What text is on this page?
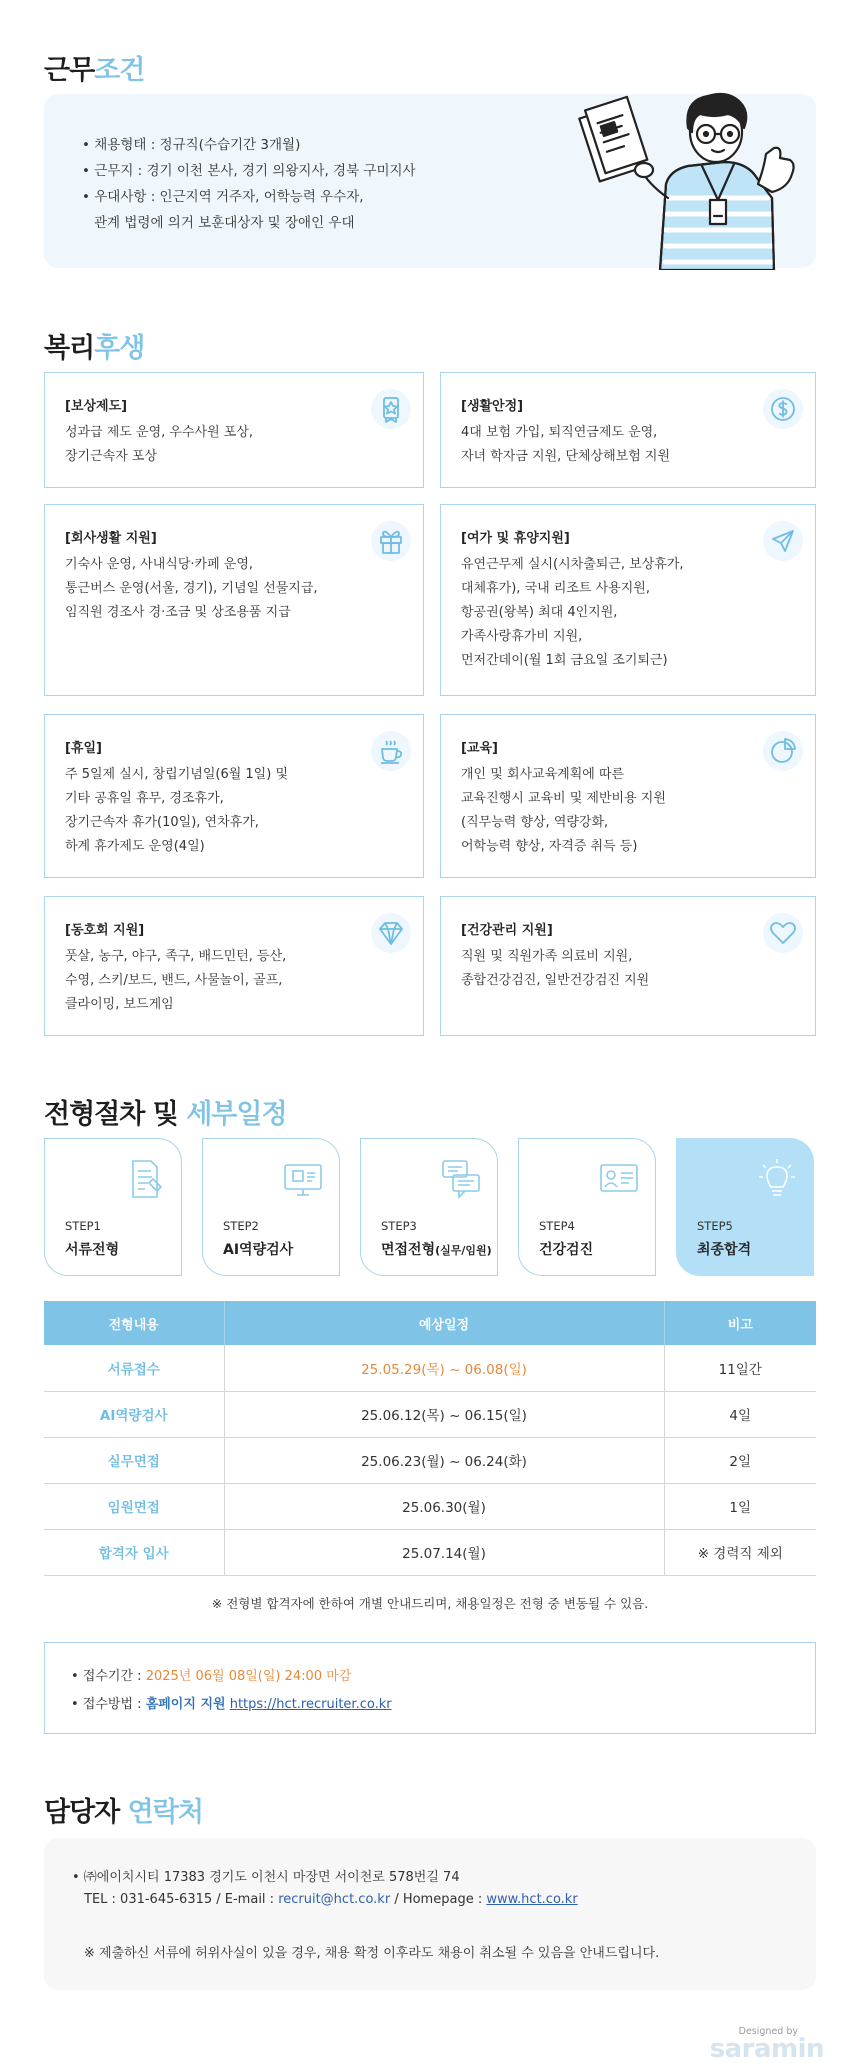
근무조건
• 채용형태 : 정규직(수습기간 3개월)
• 근무지 : 경기 이천 본사, 경기 의왕지사, 경북 구미지사
• 우대사항 : 인근지역 거주자, 어학능력 우수자,
관계 법령에 의거 보훈대상자 및 장애인 우대
복리후생
[보상제도]
성과급 제도 운영, 우수사원 포상,
장기근속자 포상
[생활안정]
4대 보험 가입, 퇴직연금제도 운영,
자녀 학자금 지원, 단체상해보험 지원
[회사생활 지원]
기숙사 운영, 사내식당·카페 운영,
통근버스 운영(서울, 경기), 기념일 선물지급,
임직원 경조사 경·조금 및 상조용품 지급
[여가 및 휴양지원]
유연근무제 실시(시차출퇴근, 보상휴가,
대체휴가), 국내 리조트 사용지원,
항공권(왕복) 최대 4인지원,
가족사랑휴가비 지원,
먼저간데이(월 1회 금요일 조기퇴근)
[휴일]
주 5일제 실시, 창립기념일(6월 1일) 및
기타 공휴일 휴무, 경조휴가,
장기근속자 휴가(10일), 연차휴가,
하계 휴가제도 운영(4일)
[교육]
개인 및 회사교육계획에 따른
교육진행시 교육비 및 제반비용 지원
(직무능력 향상, 역량강화,
어학능력 향상, 자격증 취득 등)
[동호회 지원]
풋살, 농구, 야구, 족구, 배드민턴, 등산,
수영, 스키/보드, 밴드, 사물놀이, 골프,
클라이밍, 보드게임
[건강관리 지원]
직원 및 직원가족 의료비 지원,
종합건강검진, 일반건강검진 지원
전형절차 및 세부일정
STEP1
서류전형
STEP2
AI역량검사
STEP3
면접전형(실무/임원)
STEP4
건강검진
STEP5
최종합격
전형내용	예상일정	비고
서류접수	25.05.29(목) ~ 06.08(일)	11일간
AI역량검사	25.06.12(목) ~ 06.15(일)	4일
실무면접	25.06.23(월) ~ 06.24(화)	2일
임원면접	25.06.30(월)	1일
합격자 입사	25.07.14(월)	※ 경력직 제외
※ 전형별 합격자에 한하여 개별 안내드리며, 채용일정은 전형 중 변동될 수 있음.
• 접수기간 : 2025년 06월 08일(일) 24:00 마감
• 접수방법 : 홈페이지 지원 https://hct.recruiter.co.kr
담당자 연락처
• ㈜에이치시티 17383 경기도 이천시 마장면 서이천로 578번길 74
TEL : 031-645-6315 / E-mail : recruit@hct.co.kr / Homepage : www.hct.co.kr
※ 제출하신 서류에 허위사실이 있을 경우, 채용 확정 이후라도 채용이 취소될 수 있음을 안내드립니다.
Designed by
saramin
